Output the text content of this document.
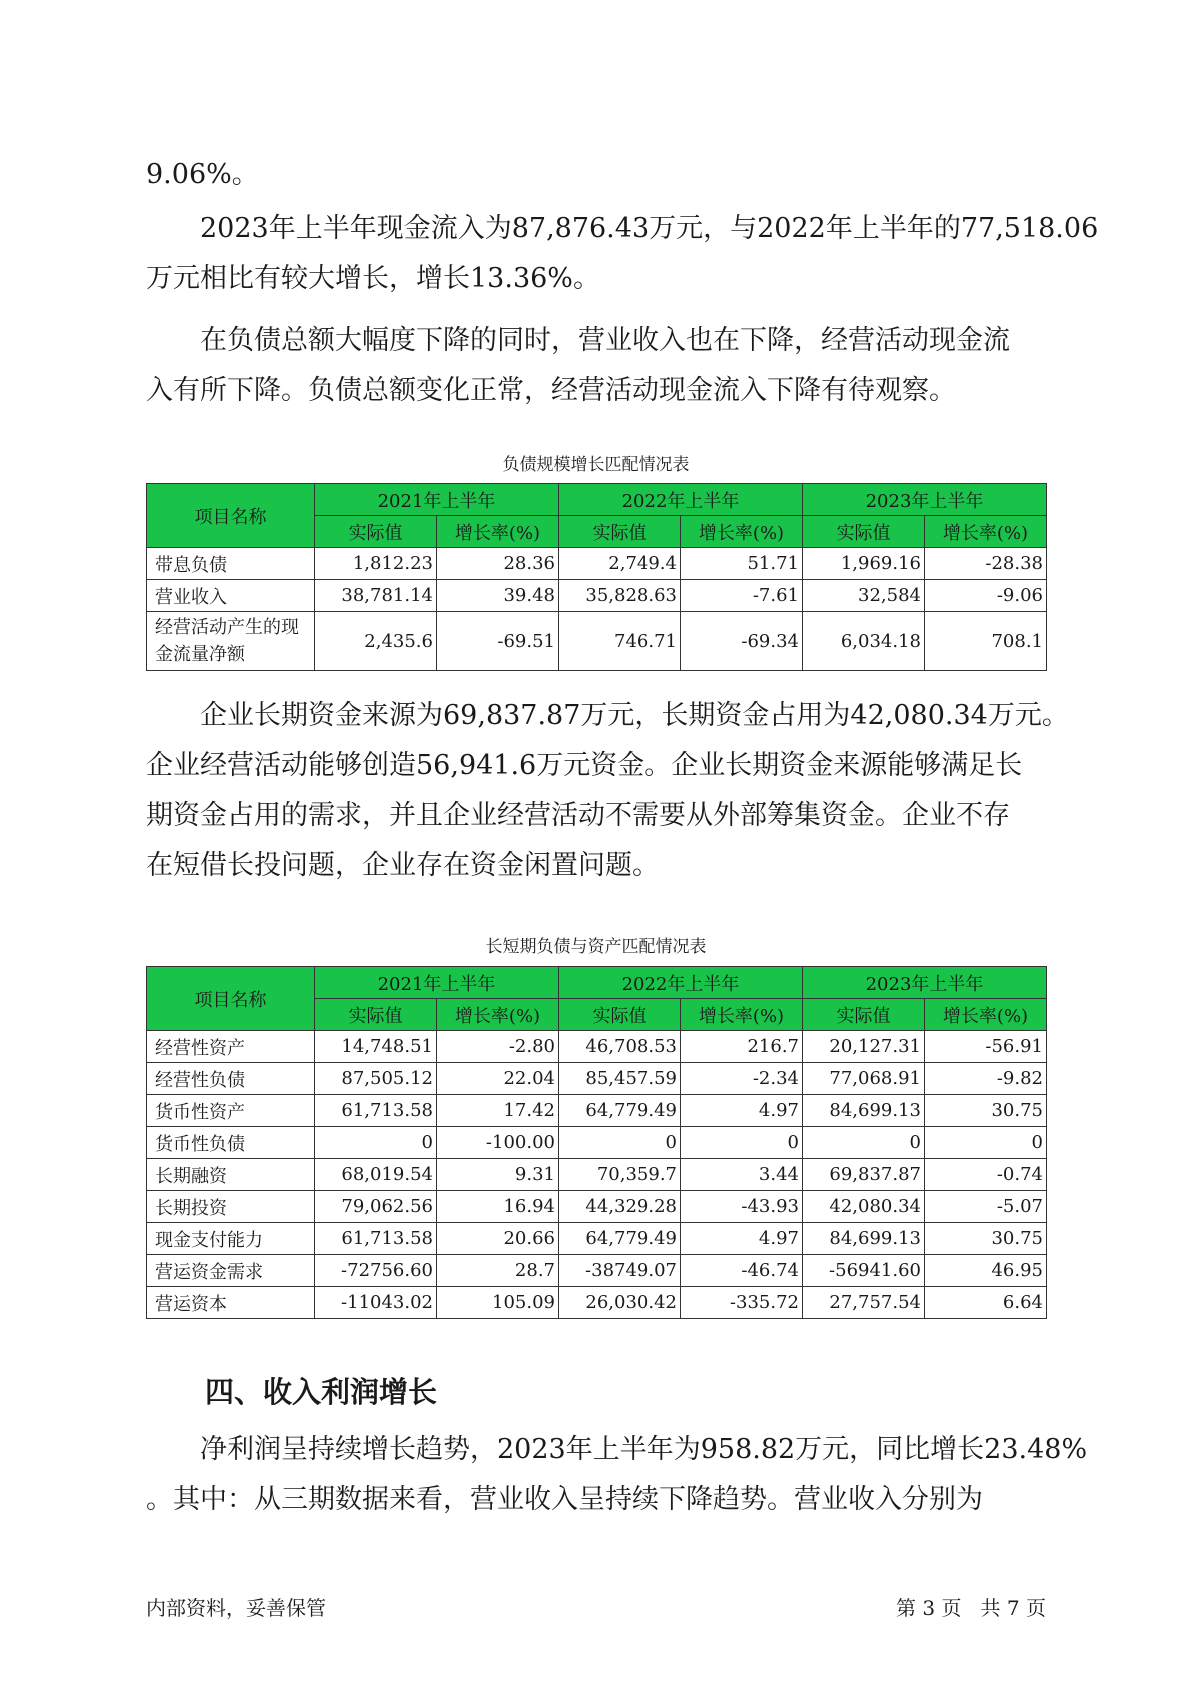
9.06%。
2023年上半年现金流入为87,876.43万元，与2022年上半年的77,518.06
万元相比有较大增长，增长13.36%。
在负债总额大幅度下降的同时，营业收入也在下降，经营活动现金流
入有所下降。负债总额变化正常，经营活动现金流入下降有待观察。
负债规模增长匹配情况表
项目名称	2021年上半年		2022年上半年		2023年上半年	
	实际值	增长率(%)	实际值	增长率(%)	实际值	增长率(%)
带息负债	1,812.23	28.36	2,749.4	51.71	1,969.16	-28.38
营业收入	38,781.14	39.48	35,828.63	-7.61	32,584	-9.06
经营活动产生的现金流量净额	2,435.6	-69.51	746.71	-69.34	6,034.18	708.1
企业长期资金来源为69,837.87万元，长期资金占用为42,080.34万元。
企业经营活动能够创造56,941.6万元资金。企业长期资金来源能够满足长
期资金占用的需求，并且企业经营活动不需要从外部筹集资金。企业不存
在短借长投问题，企业存在资金闲置问题。
长短期负债与资产匹配情况表
项目名称	2021年上半年		2022年上半年		2023年上半年	
	实际值	增长率(%)	实际值	增长率(%)	实际值	增长率(%)
经营性资产	14,748.51	-2.80	46,708.53	216.7	20,127.31	-56.91
经营性负债	87,505.12	22.04	85,457.59	-2.34	77,068.91	-9.82
货币性资产	61,713.58	17.42	64,779.49	4.97	84,699.13	30.75
货币性负债	0	-100.00	0	0	0	0
长期融资	68,019.54	9.31	70,359.7	3.44	69,837.87	-0.74
长期投资	79,062.56	16.94	44,329.28	-43.93	42,080.34	-5.07
现金支付能力	61,713.58	20.66	64,779.49	4.97	84,699.13	30.75
营运资金需求	-72756.60	28.7	-38749.07	-46.74	-56941.60	46.95
营运资本	-11043.02	105.09	26,030.42	-335.72	27,757.54	6.64
四、收入利润增长
净利润呈持续增长趋势，2023年上半年为958.82万元，同比增长23.48%
。其中：从三期数据来看，营业收入呈持续下降趋势。营业收入分别为
内部资料，妥善保管	第 3 页   共 7 页
